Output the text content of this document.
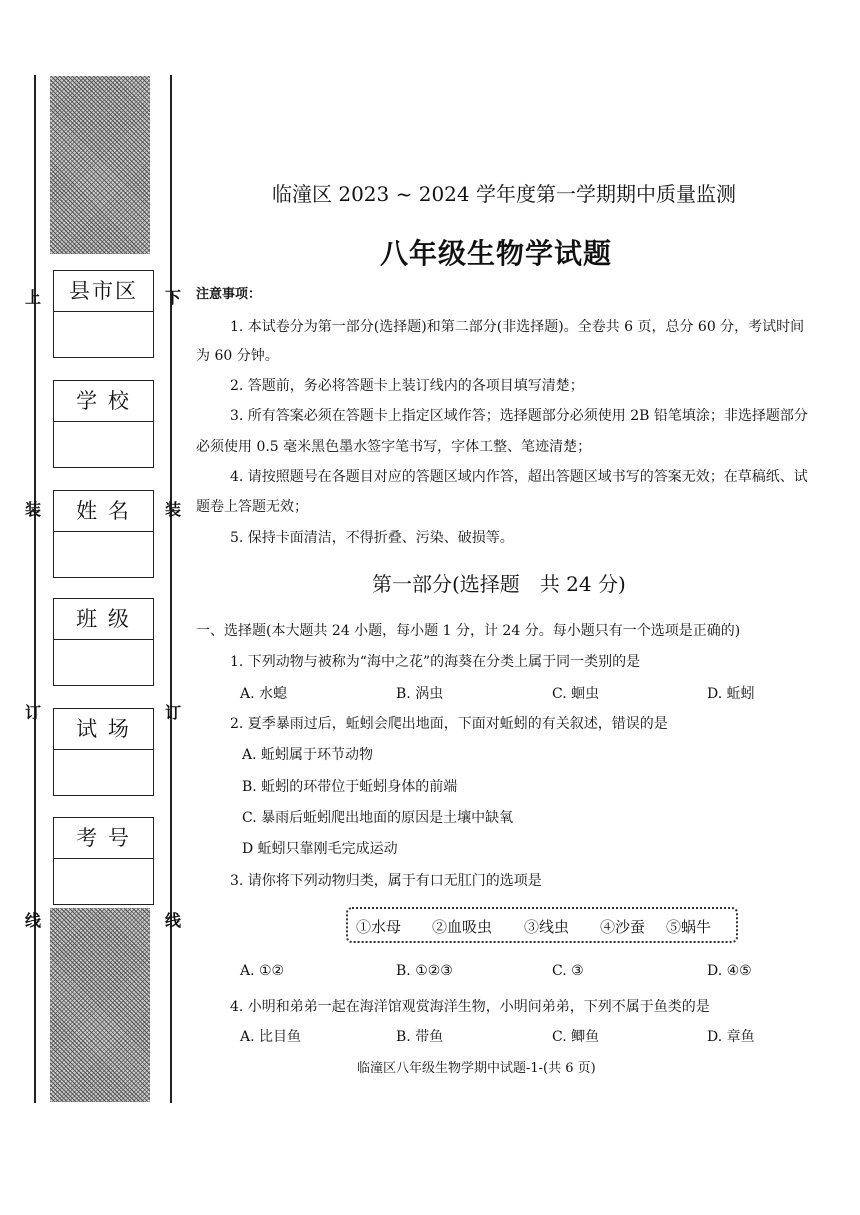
上
装
订
线
下
装
订
线
县市区
学 校
姓 名
班 级
试 场
考 号
临潼区 2023 ~ 2024 学年度第一学期期中质量监测
八年级生物学试题
注意事项：
1. 本试卷分为第一部分(选择题)和第二部分(非选择题)。全卷共 6 页，总分 60 分，考试时间
为 60 分钟。
2. 答题前，务必将答题卡上装订线内的各项目填写清楚；
3. 所有答案必须在答题卡上指定区域作答；选择题部分必须使用 2B 铅笔填涂；非选择题部分
必须使用 0.5 毫米黑色墨水签字笔书写，字体工整、笔迹清楚；
4. 请按照题号在各题目对应的答题区域内作答，超出答题区域书写的答案无效；在草稿纸、试
题卷上答题无效；
5. 保持卡面清洁，不得折叠、污染、破损等。
第一部分(选择题　共 24 分)
一、选择题(本大题共 24 小题，每小题 1 分，计 24 分。每小题只有一个选项是正确的)
1. 下列动物与被称为“海中之花”的海葵在分类上属于同一类别的是
A. 水螅	B. 涡虫	C. 蛔虫	D. 蚯蚓
2. 夏季暴雨过后，蚯蚓会爬出地面，下面对蚯蚓的有关叙述，错误的是
A. 蚯蚓属于环节动物
B. 蚯蚓的环带位于蚯蚓身体的前端
C. 暴雨后蚯蚓爬出地面的原因是土壤中缺氧
D 蚯蚓只靠刚毛完成运动
3. 请你将下列动物归类，属于有口无肛门的选项是
①水母 ②血吸虫 ③线虫 ④沙蚕 ⑤蜗牛
A. ①②	B. ①②③	C. ③	D. ④⑤
4. 小明和弟弟一起在海洋馆观赏海洋生物，小明问弟弟，下列不属于鱼类的是
A. 比目鱼	B. 带鱼	C. 鲫鱼	D. 章鱼
临潼区八年级生物学期中试题-1-(共 6 页)
